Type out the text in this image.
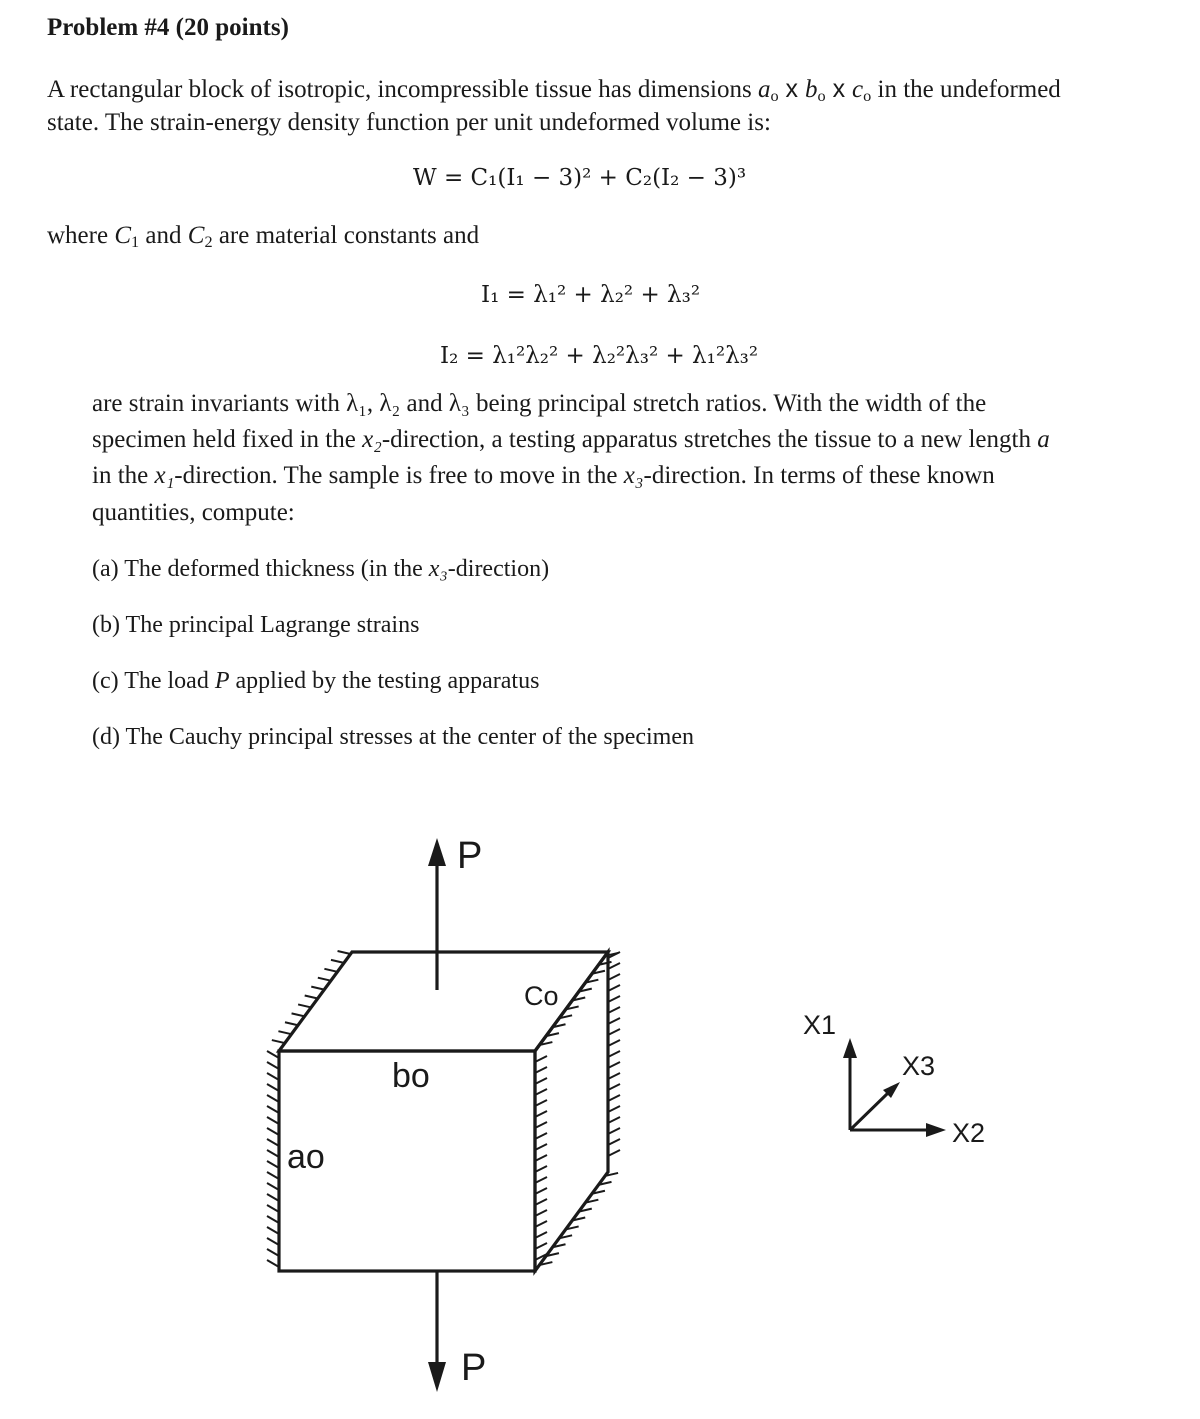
Problem #4 (20 points)
A rectangular block of isotropic, incompressible tissue has dimensions $a_o$ x $b_o$ x $c_o$ in the undeformed
state. The strain-energy density function per unit undeformed volume is:
W = C₁(I₁ − 3)² + C₂(I₂ − 3)³
where $C_1$ and $C_2$ are material constants and
I₁ = λ₁² + λ₂² + λ₃²
I₂ = λ₁²λ₂² + λ₂²λ₃² + λ₁²λ₃²
are strain invariants with λ₁, λ₂ and λ₃ being principal stretch ratios. With the width of the
specimen held fixed in the x₂-direction, a testing apparatus stretches the tissue to a new length a
in the x₁-direction. The sample is free to move in the x₃-direction. In terms of these known
quantities, compute:
(a) The deformed thickness (in the x₃-direction)
(b) The principal Lagrange strains
(c) The load P applied by the testing apparatus
(d) The Cauchy principal stresses at the center of the specimen
P
P
Co
bo
ao
X1
X2
X3
